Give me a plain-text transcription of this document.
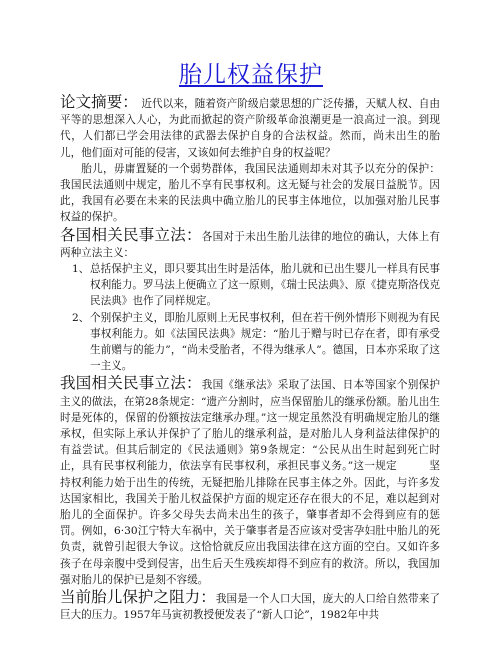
胎儿权益保护

论文摘要： 近代以来，随着资产阶级启蒙思想的广泛传播，天赋人权、自由平等的思想深入人心，为此而掀起的资产阶级革命浪潮更是一浪高过一浪。到现代，人们都已学会用法律的武器去保护自身的合法权益。然而，尚未出生的胎儿，他们面对可能的侵害，又该如何去维护自身的权益呢？

胎儿，毋庸置疑的一个弱势群体，我国民法通则却未对其予以充分的保护：我国民法通则中规定，胎儿不享有民事权利。这无疑与社会的发展日益脱节。因此，我国有必要在未来的民法典中确立胎儿的民事主体地位，以加强对胎儿民事权益的保护。

各国相关民事立法：各国对于未出生胎儿法律的地位的确认，大体上有两种立法主义：

1、 总括保护主义，即只要其出生时是活体，胎儿就和已出生婴儿一样具有民事权利能力。罗马法上便确立了这一原则，《瑞士民法典》、原《捷克斯洛伐克民法典》也作了同样规定。
2、 个别保护主义，即胎儿原则上无民事权利，但在若干例外情形下则视为有民事权利能力。如《法国民法典》规定：“胎儿于赠与时已存在者，即有承受生前赠与的能力”，“尚未受胎者，不得为继承人”。德国，日本亦采取了这一主义。

我国相关民事立法：我国《继承法》采取了法国、日本等国家个别保护主义的做法，在第28条规定：“遗产分割时，应当保留胎儿的继承份额。胎儿出生时是死体的，保留的份额按法定继承办理。”这一规定虽然没有明确规定胎儿的继承权，但实际上承认并保护了了胎儿的继承利益，是对胎儿人身利益法律保护的有益尝试。但其后制定的《民法通则》第9条规定：“公民从出生时起到死亡时止，具有民事权利能力，依法享有民事权利，承担民事义务。”这一规定　　　坚持权利能力始于出生的传统，无疑把胎儿排除在民事主体之外。因此，与许多发达国家相比，我国关于胎儿权益保护方面的规定还存在很大的不足，难以起到对胎儿的全面保护。许多父母失去尚未出生的孩子，肇事者却不会得到应有的惩罚。例如，6·30江宁特大车祸中，关于肇事者是否应该对受害孕妇肚中胎儿的死负责，就曾引起很大争议。这恰恰就反应出我国法律在这方面的空白。又如许多孩子在母亲腹中受到侵害，出生后天生残疾却得不到应有的救济。所以，我国加强对胎儿的保护已是刻不容缓。

当前胎儿保护之阻力：我国是一个人口大国，庞大的人口给自然带来了巨大的压力。1957年马寅初教授便发表了“新人口论”，1982年中共
